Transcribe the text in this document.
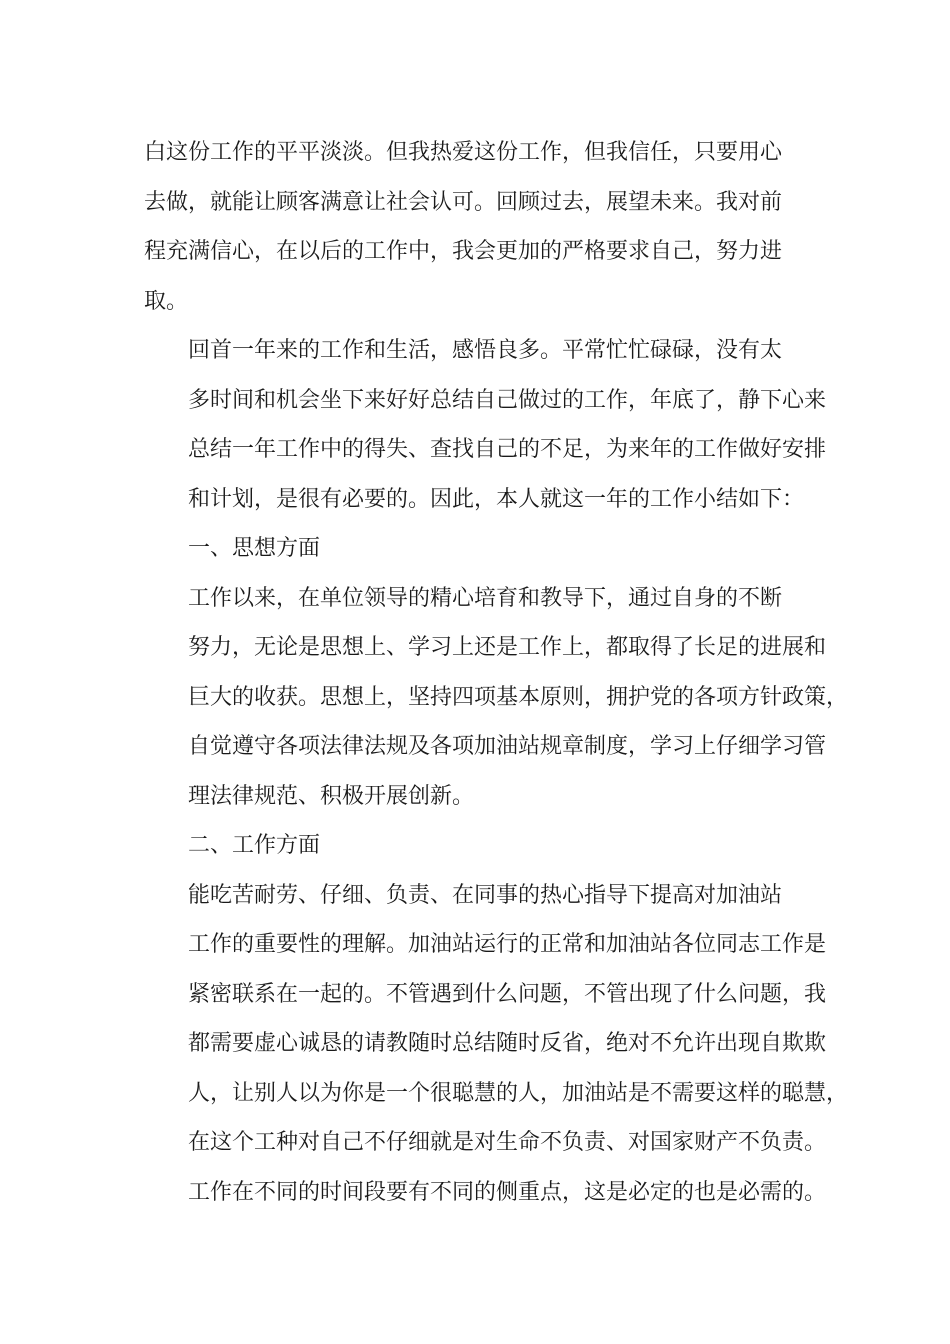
白这份工作的平平淡淡。但我热爱这份工作，但我信任，只要用心
去做，就能让顾客满意让社会认可。回顾过去，展望未来。我对前
程充满信心，在以后的工作中，我会更加的严格要求自己，努力进
取。
回首一年来的工作和生活，感悟良多。平常忙忙碌碌，没有太
多时间和机会坐下来好好总结自己做过的工作，年底了，静下心来
总结一年工作中的得失、查找自己的不足，为来年的工作做好安排
和计划，是很有必要的。因此，本人就这一年的工作小结如下：
一、思想方面
工作以来，在单位领导的精心培育和教导下，通过自身的不断
努力，无论是思想上、学习上还是工作上，都取得了长足的进展和
巨大的收获。思想上，坚持四项基本原则，拥护党的各项方针政策，
自觉遵守各项法律法规及各项加油站规章制度，学习上仔细学习管
理法律规范、积极开展创新。
二、工作方面
能吃苦耐劳、仔细、负责、在同事的热心指导下提高对加油站
工作的重要性的理解。加油站运行的正常和加油站各位同志工作是
紧密联系在一起的。不管遇到什么问题，不管出现了什么问题，我
都需要虚心诚恳的请教随时总结随时反省，绝对不允许出现自欺欺
人，让别人以为你是一个很聪慧的人，加油站是不需要这样的聪慧，
在这个工种对自己不仔细就是对生命不负责、对国家财产不负责。
工作在不同的时间段要有不同的侧重点，这是必定的也是必需的。
